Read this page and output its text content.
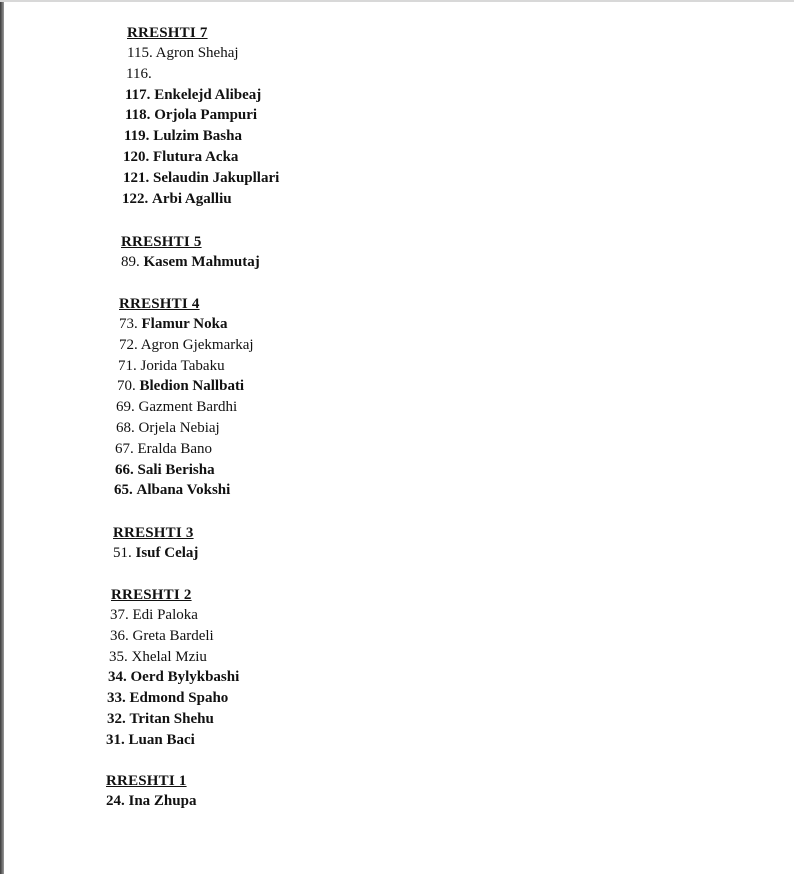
RRESHTI 7
115. Agron Shehaj
116.
117. Enkelejd Alibeaj
118. Orjola Pampuri
119. Lulzim Basha
120. Flutura Acka
121. Selaudin Jakupllari
122. Arbi Agalliu
RRESHTI 5
89. Kasem Mahmutaj
RRESHTI 4
73. Flamur Noka
72. Agron Gjekmarkaj
71. Jorida Tabaku
70. Bledion Nallbati
69. Gazment Bardhi
68. Orjela Nebiaj
67. Eralda Bano
66. Sali Berisha
65. Albana Vokshi
RRESHTI 3
51. Isuf Celaj
RRESHTI 2
37. Edi Paloka
36. Greta Bardeli
35. Xhelal Mziu
34. Oerd Bylykbashi
33. Edmond Spaho
32. Tritan Shehu
31. Luan Baci
RRESHTI 1
24. Ina Zhupa
